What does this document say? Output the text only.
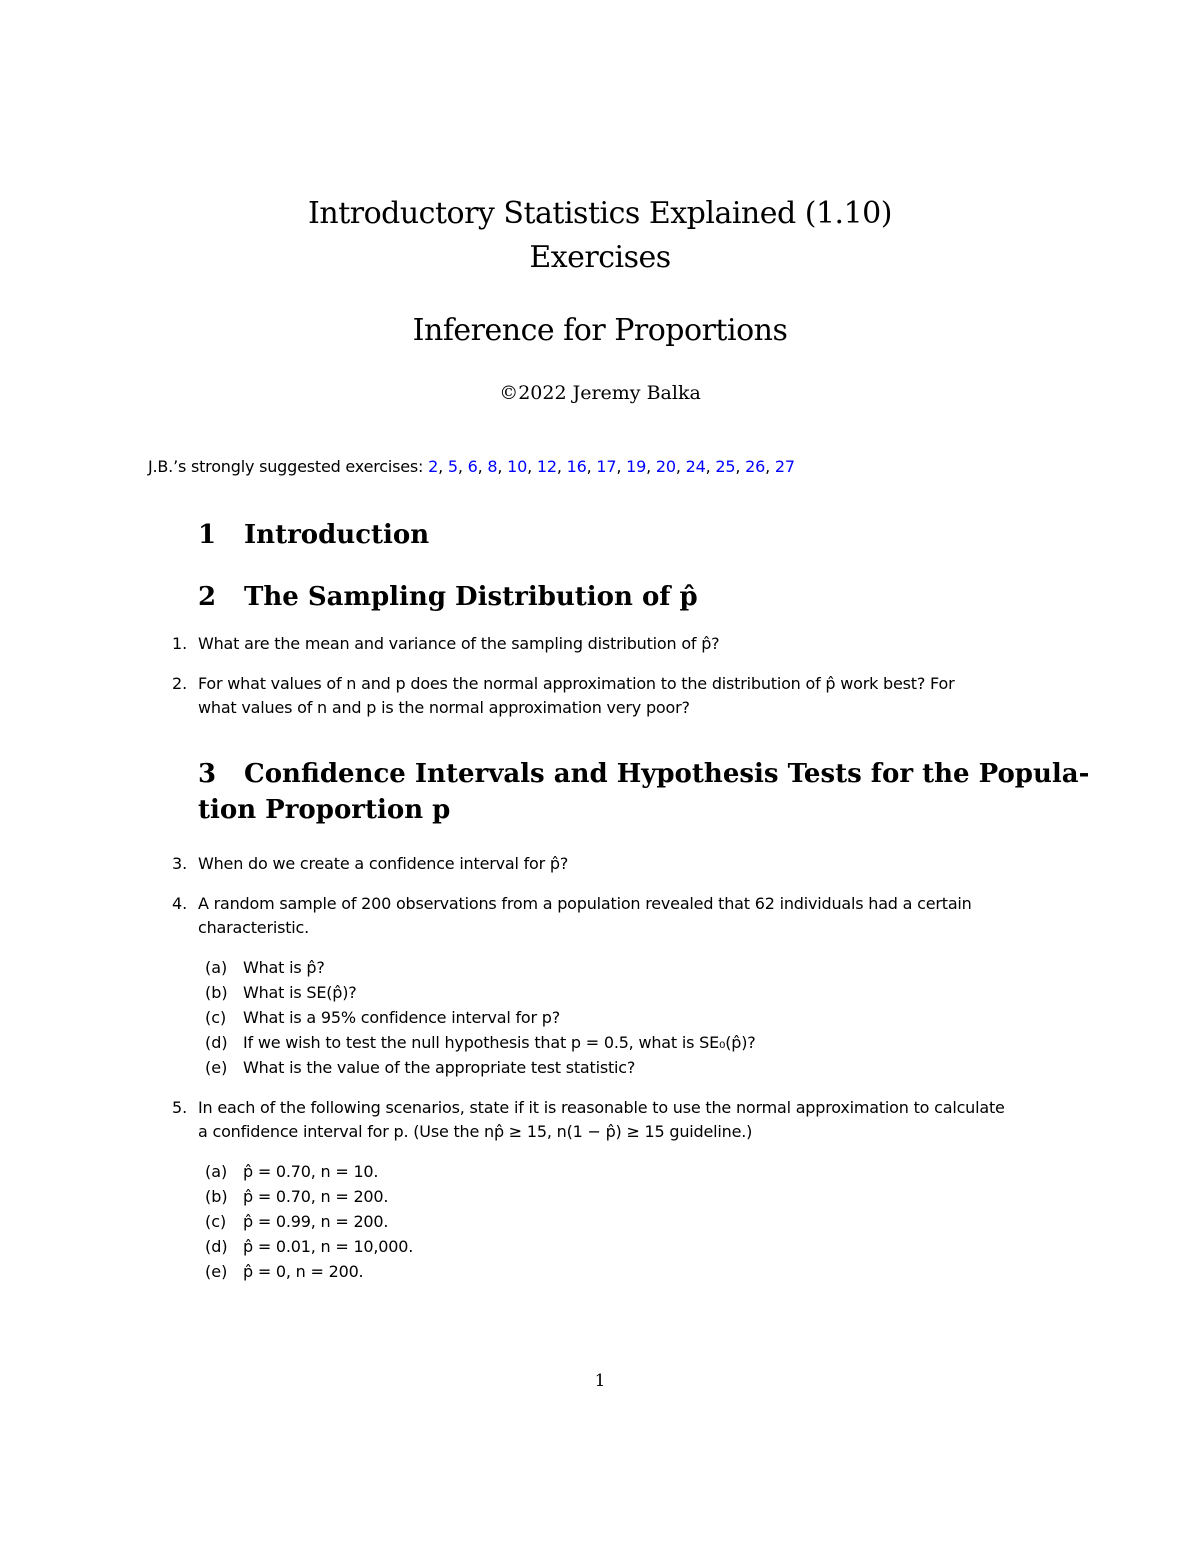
Introductory Statistics Explained (1.10)
Exercises
Inference for Proportions
©2022 Jeremy Balka
J.B.’s strongly suggested exercises: 2, 5, 6, 8, 10, 12, 16, 17, 19, 20, 24, 25, 26, 27
1 Introduction
2 The Sampling Distribution of p̂
1. What are the mean and variance of the sampling distribution of p̂?
2. For what values of n and p does the normal approximation to the distribution of p̂ work best? For
what values of n and p is the normal approximation very poor?
3 Confidence Intervals and Hypothesis Tests for the Popula-
tion Proportion p
3. When do we create a confidence interval for p̂?
4. A random sample of 200 observations from a population revealed that 62 individuals had a certain
characteristic.
(a) What is p̂?
(b) What is SE(p̂)?
(c) What is a 95% confidence interval for p?
(d) If we wish to test the null hypothesis that p = 0.5, what is SE₀(p̂)?
(e) What is the value of the appropriate test statistic?
5. In each of the following scenarios, state if it is reasonable to use the normal approximation to calculate
a confidence interval for p. (Use the np̂ ≥ 15, n(1 − p̂) ≥ 15 guideline.)
(a) p̂ = 0.70, n = 10.
(b) p̂ = 0.70, n = 200.
(c) p̂ = 0.99, n = 200.
(d) p̂ = 0.01, n = 10,000.
(e) p̂ = 0, n = 200.
1
